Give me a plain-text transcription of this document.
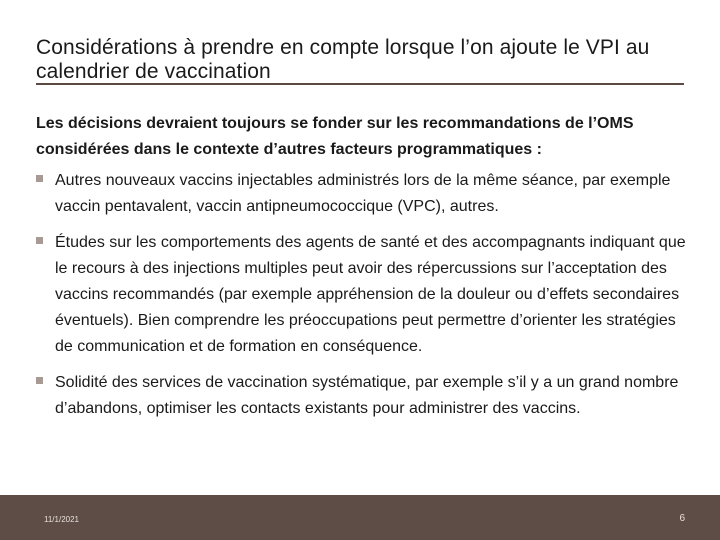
Considérations à prendre en compte lorsque l’on ajoute le VPI au calendrier de vaccination
Les décisions devraient toujours se fonder sur les recommandations de l’OMS considérées dans le contexte d’autres facteurs programmatiques :
Autres nouveaux vaccins injectables administrés lors de la même séance, par exemple vaccin pentavalent, vaccin antipneumococcique (VPC), autres.
Études sur les comportements des agents de santé et des accompagnants indiquant que le recours à des injections multiples peut avoir des répercussions sur l’acceptation des vaccins recommandés (par exemple appréhension de la douleur ou d’effets secondaires éventuels). Bien comprendre les préoccupations peut permettre d’orienter les stratégies de communication et de formation en conséquence.
Solidité des services de vaccination systématique, par exemple s’il y a un grand nombre d’abandons, optimiser les contacts existants pour administrer des vaccins.
11/1/2021	6
